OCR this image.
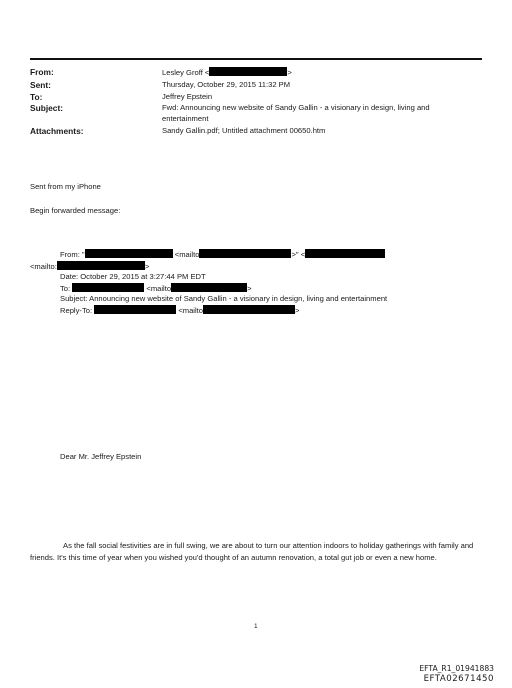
From:	Lesley Groff <	>
Sent:	Thursday, October 29, 2015 11:32 PM
To:	Jeffrey Epstein
Subject:	Fwd: Announcing new website of Sandy Gallin - a visionary in design, living and entertainment
Attachments:	Sandy Gallin.pdf; Untitled attachment 00650.htm
Sent from my iPhone
Begin forwarded message:
From: "	<mailto	>" <
<mailto:	>
Date: October 29, 2015 at 3:27:44 PM EDT
To:	<mailto	>
Subject: Announcing new website of Sandy Gallin - a visionary in design, living and entertainment
Reply-To:	<mailto	>
Dear Mr. Jeffrey Epstein
As the fall social festivities are in full swing, we are about to turn our attention indoors to holiday gatherings with family and friends. It's this time of year when you wished you'd thought of an autumn renovation, a total gut job or even a new home.
1
EFTA_R1_01941883
EFTA02671450
